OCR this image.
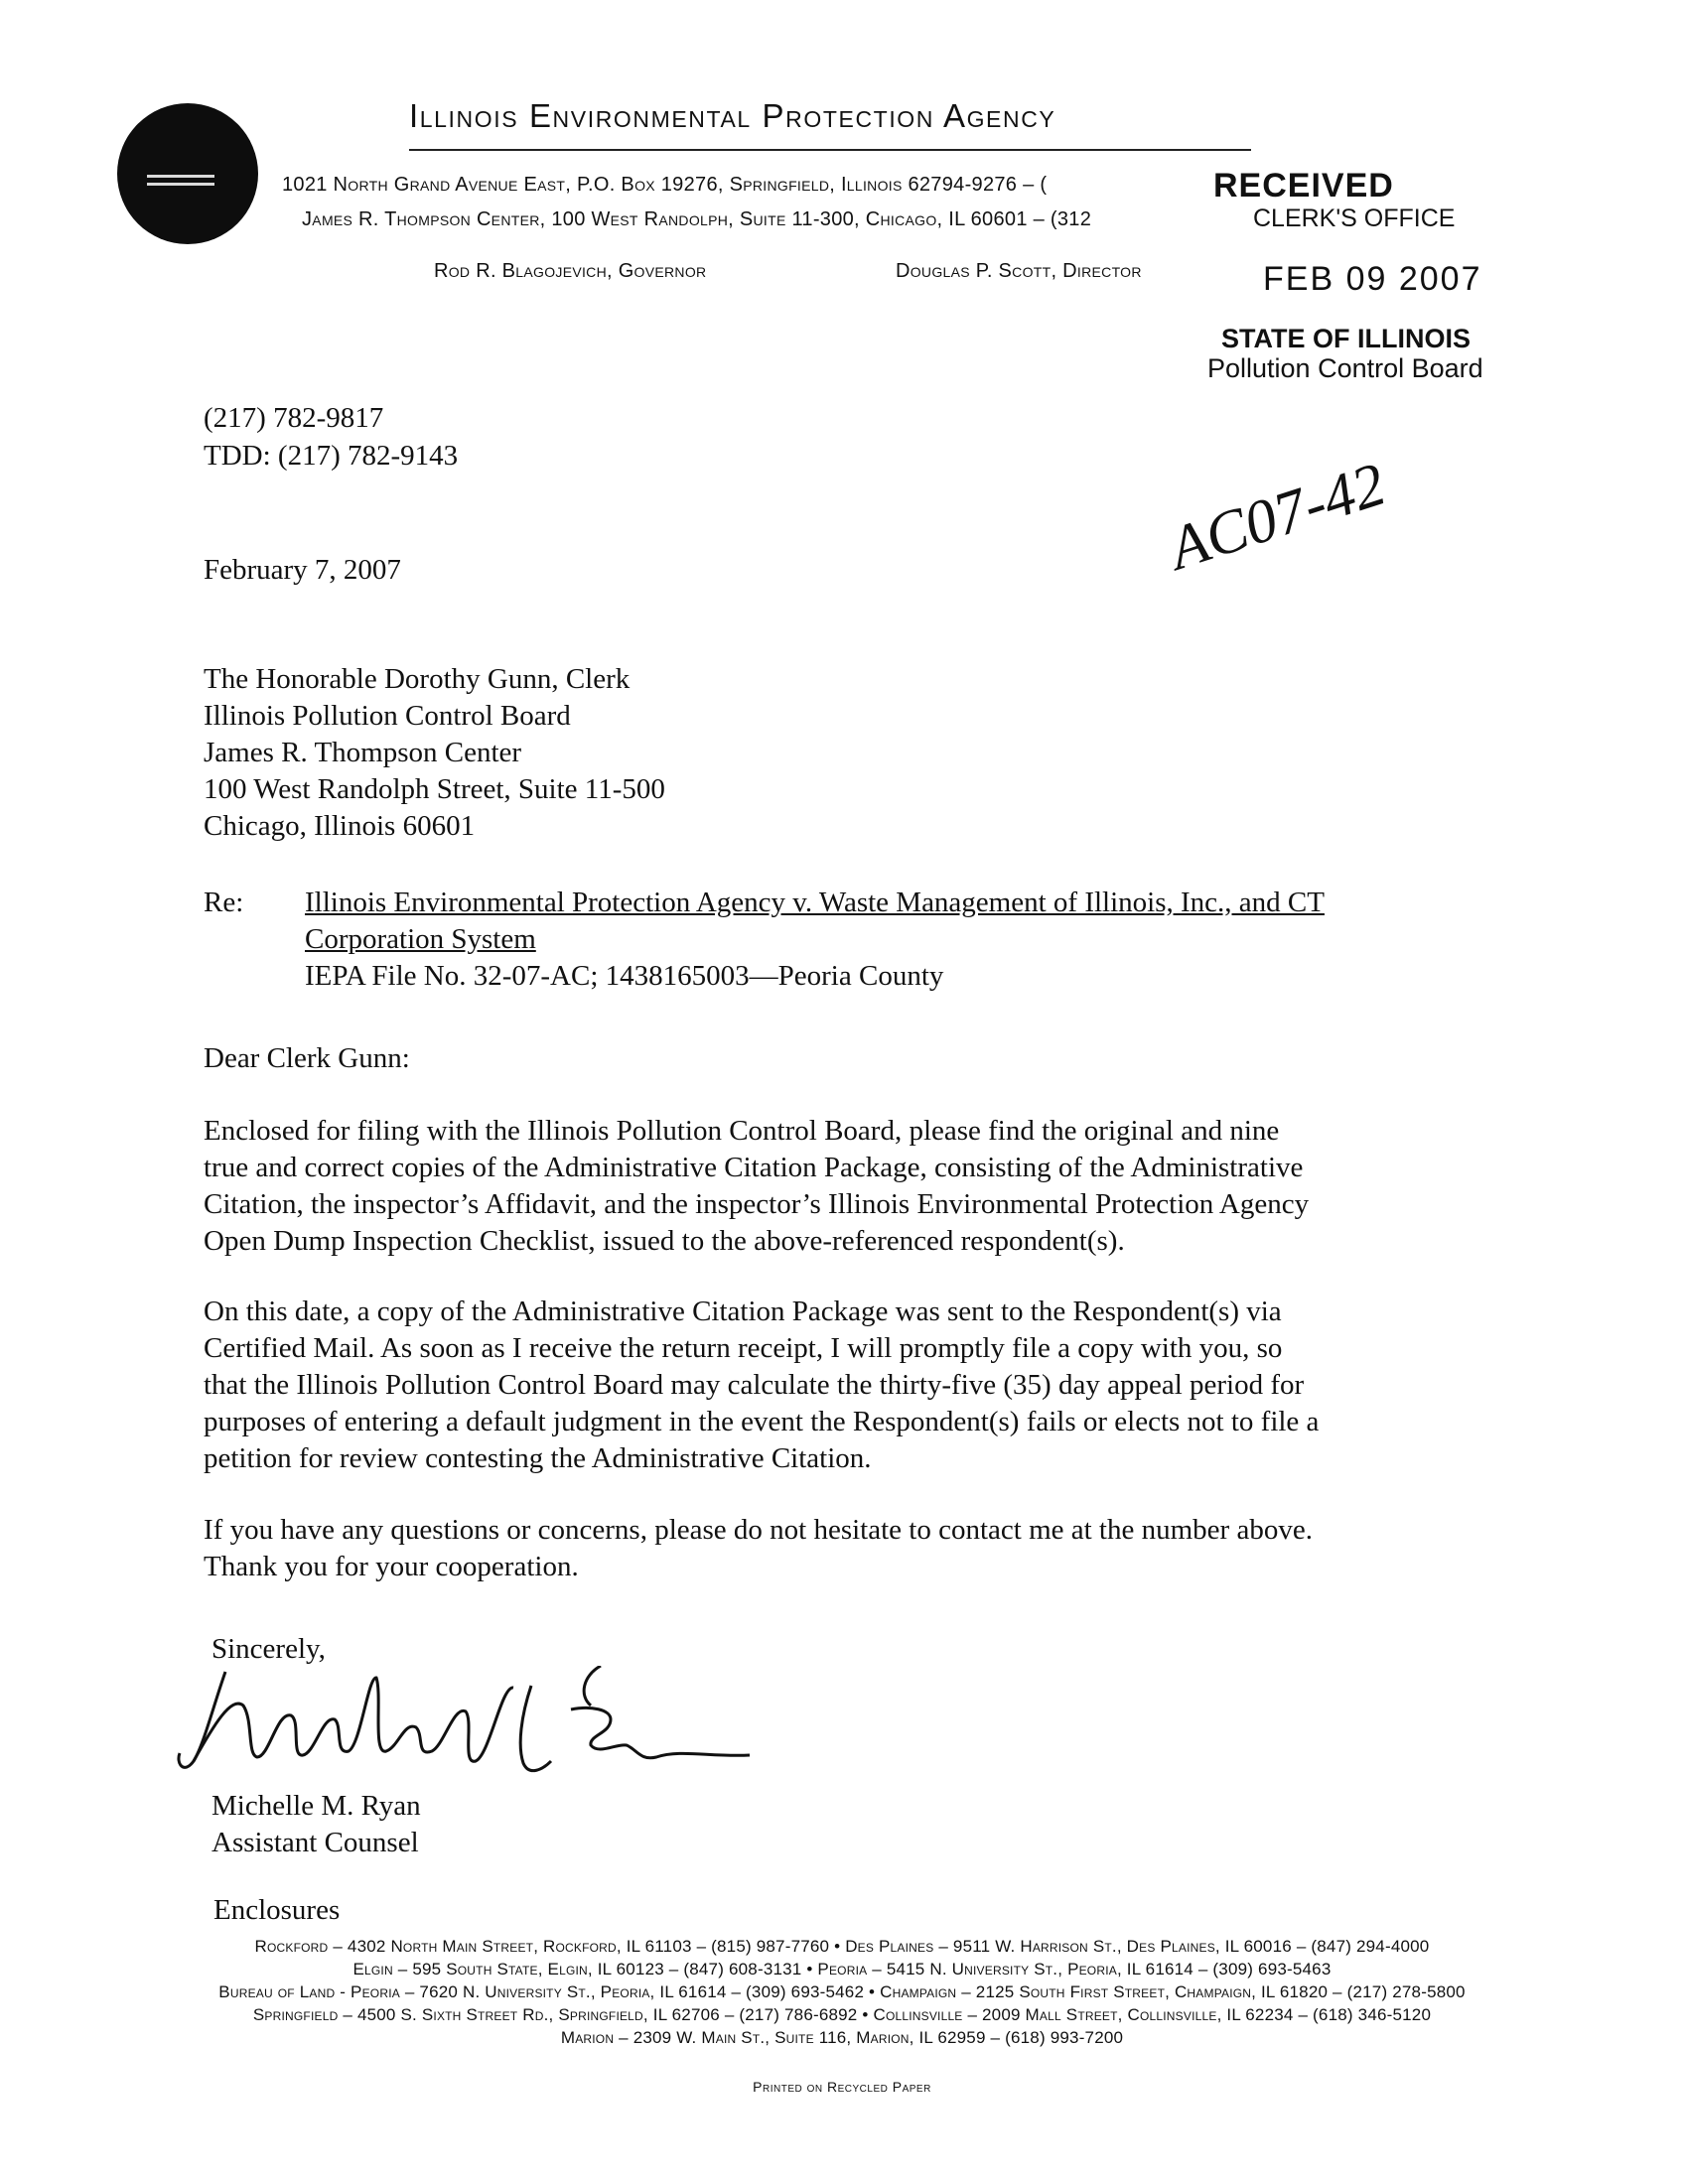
Illinois Environmental Protection Agency
1021 North Grand Avenue East, P.O. Box 19276, Springfield, Illinois 62794-9276 – (
James R. Thompson Center, 100 West Randolph, Suite 11-300, Chicago, IL 60601 – (312
Rod R. Blagojevich, Governor	Douglas P. Scott, Director
RECEIVED
CLERK'S OFFICE
FEB 09 2007
STATE OF ILLINOIS
Pollution Control Board
AC07-42
(217) 782-9817
TDD: (217) 782-9143
February 7, 2007
The Honorable Dorothy Gunn, Clerk
Illinois Pollution Control Board
James R. Thompson Center
100 West Randolph Street, Suite 11-500
Chicago, Illinois 60601
Re: Illinois Environmental Protection Agency v. Waste Management of Illinois, Inc., and CT
Corporation System
IEPA File No. 32-07-AC; 1438165003—Peoria County
Dear Clerk Gunn:
Enclosed for filing with the Illinois Pollution Control Board, please find the original and nine
true and correct copies of the Administrative Citation Package, consisting of the Administrative
Citation, the inspector’s Affidavit, and the inspector’s Illinois Environmental Protection Agency
Open Dump Inspection Checklist, issued to the above-referenced respondent(s).
On this date, a copy of the Administrative Citation Package was sent to the Respondent(s) via
Certified Mail. As soon as I receive the return receipt, I will promptly file a copy with you, so
that the Illinois Pollution Control Board may calculate the thirty-five (35) day appeal period for
purposes of entering a default judgment in the event the Respondent(s) fails or elects not to file a
petition for review contesting the Administrative Citation.
If you have any questions or concerns, please do not hesitate to contact me at the number above.
Thank you for your cooperation.
Sincerely,
Michelle M. Ryan
Assistant Counsel
Enclosures
Rockford – 4302 North Main Street, Rockford, IL 61103 – (815) 987-7760 • Des Plaines – 9511 W. Harrison St., Des Plaines, IL 60016 – (847) 294-4000
Elgin – 595 South State, Elgin, IL 60123 – (847) 608-3131 • Peoria – 5415 N. University St., Peoria, IL 61614 – (309) 693-5463
Bureau of Land - Peoria – 7620 N. University St., Peoria, IL 61614 – (309) 693-5462 • Champaign – 2125 South First Street, Champaign, IL 61820 – (217) 278-5800
Springfield – 4500 S. Sixth Street Rd., Springfield, IL 62706 – (217) 786-6892 • Collinsville – 2009 Mall Street, Collinsville, IL 62234 – (618) 346-5120
Marion – 2309 W. Main St., Suite 116, Marion, IL 62959 – (618) 993-7200
Printed on Recycled Paper
